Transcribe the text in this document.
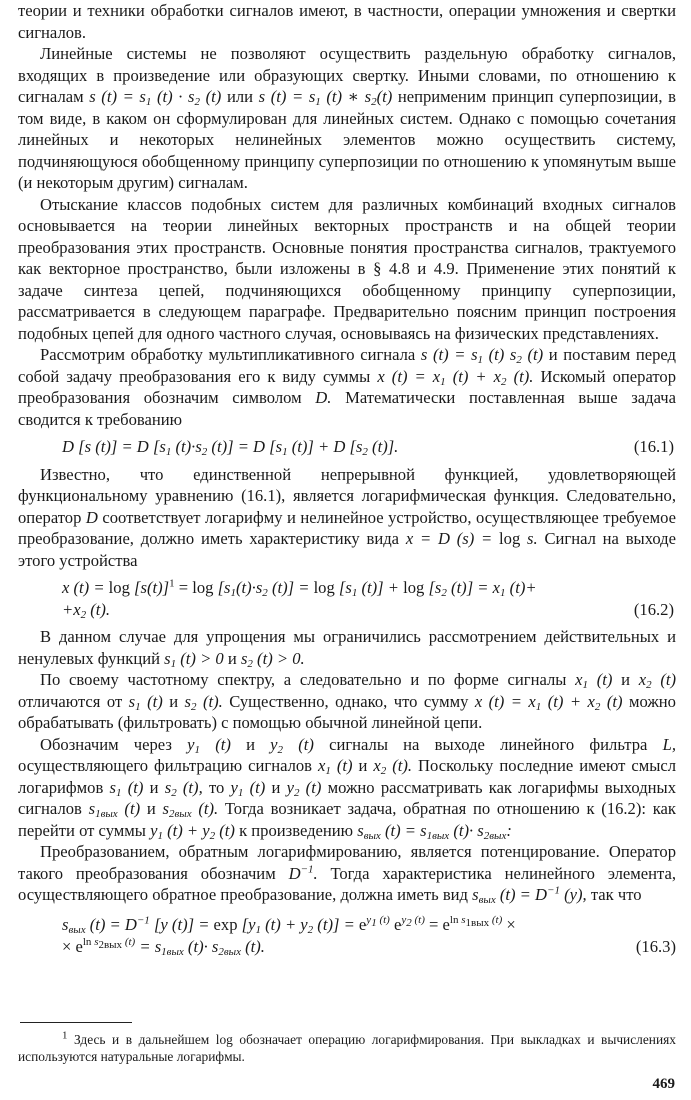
теории и техники обработки сигналов имеют, в частности, операции умножения и свертки сигналов.

Линейные системы не позволяют осуществить раздельную обработку сигналов, входящих в произведение или образующих свертку. Иными словами, по отношению к сигналам s $(t) = s_1$ $(t) \cdot s_2$ (t) или s $(t) = s_1$ (t) ∗ $s_2(t)$ неприменим принцип суперпозиции, в том виде, в каком он сформулирован для линейных систем. Однако с помощью сочетания линейных и некоторых нелинейных элементов можно осуществить систему, подчиняющуюся обобщенному принципу суперпозиции по отношению к упомянутым выше (и некоторым другим) сигналам.

Отыскание классов подобных систем для различных комбинаций входных сигналов основывается на теории линейных векторных пространств и на общей теории преобразования этих пространств. Основные понятия пространства сигналов, трактуемого как векторное пространство, были изложены в § 4.8 и 4.9. Применение этих понятий к задаче синтеза цепей, подчиняющихся обобщенному принципу суперпозиции, рассматривается в следующем параграфе. Предварительно поясним принцип построения подобных цепей для одного частного случая, основываясь на физических представлениях.

Рассмотрим обработку мультипликативного сигнала s $(t) = s_1$ (t) $s_2$ (t) и поставим перед собой задачу преобразования его к виду суммы x $(t) = x_1$ $(t) + x_2$ (t). Искомый оператор преобразования обозначим символом D. Математически поставленная выше задача сводится к требованию

D [s (t)] = D [$s_1$ $(t)\cdot s_2$ (t)] = D [$s_1$ (t)] + D [$s_2$ (t)].	(16.1)

Известно, что единственной непрерывной функцией, удовлетворяющей функциональному уравнению (16.1), является логарифмическая функция. Следовательно, оператор D соответствует логарифму и нелинейное устройство, осуществляющее требуемое преобразование, должно иметь характеристику вида x = D (s) = log s. Сигнал на выходе этого устройства

x $(t) = \log [s(t)]^1 = \log [s_1(t)\cdot s_2$ $(t)] = \log [s_1$ $(t)] + \log [s_2$ $(t)] = x_1$ (t)+
$+x_2$ (t).	(16.2)

В данном случае для упрощения мы ограничились рассмотрением действительных и ненулевых функций $s_1$ (t) > 0 и $s_2$ (t) > 0.

По своему частотному спектру, а следовательно и по форме сигналы $x_1$ (t) и $x_2$ (t) отличаются от $s_1$ (t) и $s_2$ (t). Существенно, однако, что сумму x $(t) = x_1$ $(t) + x_2$ (t) можно обрабатывать (фильтровать) с помощью обычной линейной цепи.

Обозначим через $y_1$ (t) и $y_2$ (t) сигналы на выходе линейного фильтра L, осуществляющего фильтрацию сигналов $x_1$ (t) и $x_2$ (t). Поскольку последние имеют смысл логарифмов $s_1$ (t) и $s_2$ (t), то $y_1$ (t) и $y_2$ (t) можно рассматривать как логарифмы выходных сигналов $s_{1вых}$ (t) и $s_{2вых}$ (t). Тогда возникает задача, обратная по отношению к (16.2): как перейти от суммы $y_1$ $(t) + y_2$ (t) к произведению $s_{вых}$ $(t) = s_{1вых}$ $(t)\cdot s_{2вых}$:

Преобразованием, обратным логарифмированию, является потенцирование. Оператор такого преобразования обозначим $D^{-1}$. Тогда характеристика нелинейного элемента, осуществляющего обратное преобразование, должна иметь вид $s_{вых}$ $(t) = D^{-1}$ (y), так что

$s_{вых}$ $(t) = D^{-1}$ [y $(t)] = \exp [y_1$ $(t) + y_2$ $(t)] = e^{y_1 (t)}$ $e^{y_2 (t)} = e^{ln s_{1вых} (t)}$ ×
× $e^{ln s_{2вых} (t)} = s_{1вых}$ $(t)\cdot s_{2вых}$ (t).	(16.3)

$^1$ Здесь и в дальнейшем log обозначает операцию логарифмирования. При выкладках и вычислениях используются натуральные логарифмы.

469
